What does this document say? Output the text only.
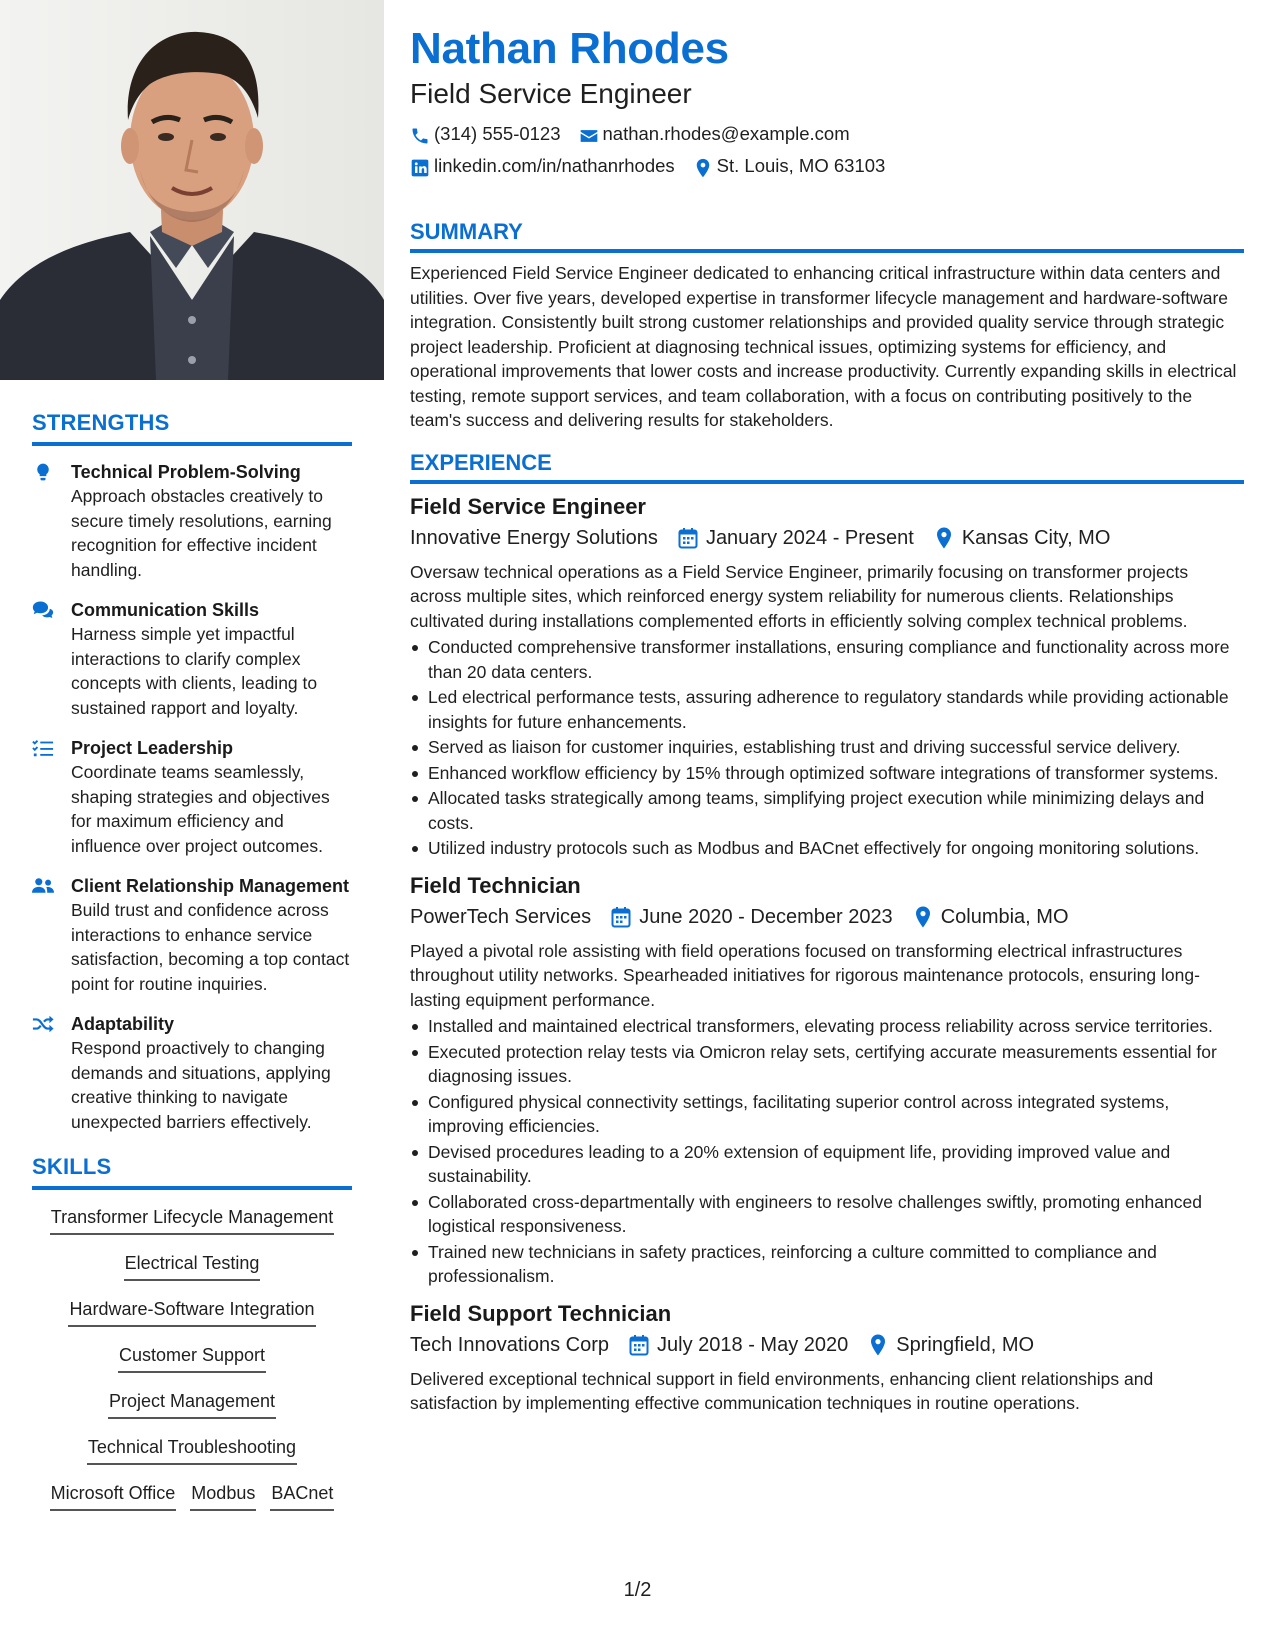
STRENGTHS
Technical Problem-Solving
Approach obstacles creatively to secure timely resolutions, earning recognition for effective incident handling.
Communication Skills
Harness simple yet impactful interactions to clarify complex concepts with clients, leading to sustained rapport and loyalty.
Project Leadership
Coordinate teams seamlessly, shaping strategies and objectives for maximum efficiency and influence over project outcomes.
Client Relationship Management
Build trust and confidence across interactions to enhance service satisfaction, becoming a top contact point for routine inquiries.
Adaptability
Respond proactively to changing demands and situations, applying creative thinking to navigate unexpected barriers effectively.
SKILLS
Transformer Lifecycle Management
Electrical Testing
Hardware-Software Integration
Customer Support
Project Management
Technical Troubleshooting
Microsoft Office Modbus BACnet
Nathan Rhodes
Field Service Engineer
(314) 555-0123 nathan.rhodes@example.com
linkedin.com/in/nathanrhodes St. Louis, MO 63103
SUMMARY
Experienced Field Service Engineer dedicated to enhancing critical infrastructure within data centers and utilities. Over five years, developed expertise in transformer lifecycle management and hardware-software integration. Consistently built strong customer relationships and provided quality service through strategic project leadership. Proficient at diagnosing technical issues, optimizing systems for efficiency, and operational improvements that lower costs and increase productivity. Currently expanding skills in electrical testing, remote support services, and team collaboration, with a focus on contributing positively to the team's success and delivering results for stakeholders.
EXPERIENCE
Field Service Engineer
Innovative Energy Solutions January 2024 - Present Kansas City, MO
Oversaw technical operations as a Field Service Engineer, primarily focusing on transformer projects across multiple sites, which reinforced energy system reliability for numerous clients. Relationships cultivated during installations complemented efforts in efficiently solving complex technical problems.
Conducted comprehensive transformer installations, ensuring compliance and functionality across more than 20 data centers.
Led electrical performance tests, assuring adherence to regulatory standards while providing actionable insights for future enhancements.
Served as liaison for customer inquiries, establishing trust and driving successful service delivery.
Enhanced workflow efficiency by 15% through optimized software integrations of transformer systems.
Allocated tasks strategically among teams, simplifying project execution while minimizing delays and costs.
Utilized industry protocols such as Modbus and BACnet effectively for ongoing monitoring solutions.
Field Technician
PowerTech Services June 2020 - December 2023 Columbia, MO
Played a pivotal role assisting with field operations focused on transforming electrical infrastructures throughout utility networks. Spearheaded initiatives for rigorous maintenance protocols, ensuring long-lasting equipment performance.
Installed and maintained electrical transformers, elevating process reliability across service territories.
Executed protection relay tests via Omicron relay sets, certifying accurate measurements essential for diagnosing issues.
Configured physical connectivity settings, facilitating superior control across integrated systems, improving efficiencies.
Devised procedures leading to a 20% extension of equipment life, providing improved value and sustainability.
Collaborated cross-departmentally with engineers to resolve challenges swiftly, promoting enhanced logistical responsiveness.
Trained new technicians in safety practices, reinforcing a culture committed to compliance and professionalism.
Field Support Technician
Tech Innovations Corp July 2018 - May 2020 Springfield, MO
Delivered exceptional technical support in field environments, enhancing client relationships and satisfaction by implementing effective communication techniques in routine operations.
1/2
